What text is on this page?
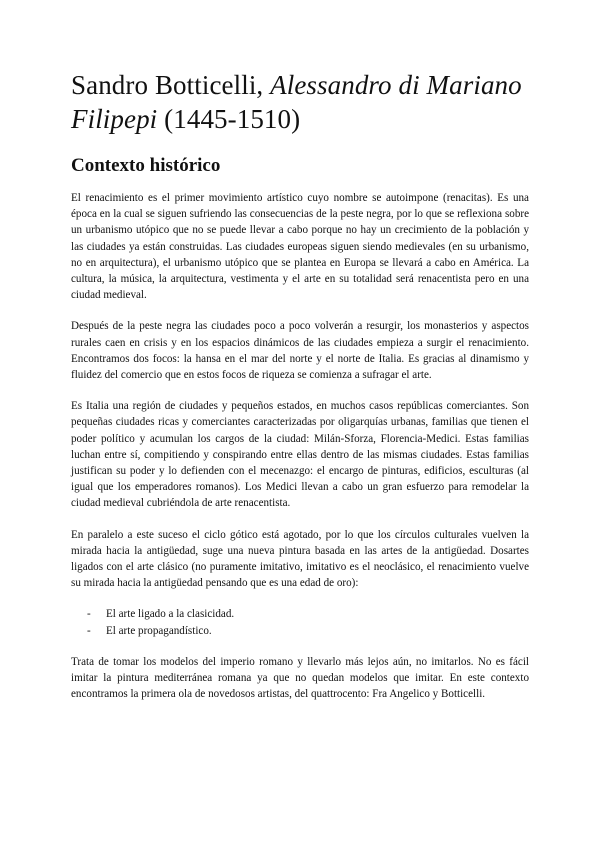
Sandro Botticelli, Alessandro di Mariano Filipepi (1445-1510)
Contexto histórico

El renacimiento es el primer movimiento artístico cuyo nombre se autoimpone (renacitas). Es una época en la cual se siguen sufriendo las consecuencias de la peste negra, por lo que se reflexiona sobre un urbanismo utópico que no se puede llevar a cabo porque no hay un crecimiento de la población y las ciudades ya están construidas. Las ciudades europeas siguen siendo medievales (en su urbanismo, no en arquitectura), el urbanismo utópico que se plantea en Europa se llevará a cabo en América. La cultura, la música, la arquitectura, vestimenta y el arte en su totalidad será renacentista pero en una ciudad medieval.

Después de la peste negra las ciudades poco a poco volverán a resurgir, los monasterios y aspectos rurales caen en crisis y en los espacios dinámicos de las ciudades empieza a surgir el renacimiento. Encontramos dos focos: la hansa en el mar del norte y el norte de Italia. Es gracias al dinamismo y fluidez del comercio que en estos focos de riqueza se comienza a sufragar el arte.

Es Italia una región de ciudades y pequeños estados, en muchos casos repúblicas comerciantes. Son pequeñas ciudades ricas y comerciantes caracterizadas por oligarquías urbanas, familias que tienen el poder político y acumulan los cargos de la ciudad: Milán-Sforza, Florencia-Medici. Estas familias luchan entre sí, compitiendo y conspirando entre ellas dentro de las mismas ciudades. Estas familias justifican su poder y lo defienden con el mecenazgo: el encargo de pinturas, edificios, esculturas (al igual que los emperadores romanos). Los Medici llevan a cabo un gran esfuerzo para remodelar la ciudad medieval cubriéndola de arte renacentista.

En paralelo a este suceso el ciclo gótico está agotado, por lo que los círculos culturales vuelven la mirada hacia la antigüedad, suge una nueva pintura basada en las artes de la antigüedad. Dosartes ligados con el arte clásico (no puramente imitativo, imitativo es el neoclásico, el renacimiento vuelve su mirada hacia la antigüedad pensando que es una edad de oro):

- El arte ligado a la clasicidad.
- El arte propagandístico.

Trata de tomar los modelos del imperio romano y llevarlo más lejos aún, no imitarlos. No es fácil imitar la pintura mediterránea romana ya que no quedan modelos que imitar. En este contexto encontramos la primera ola de novedosos artistas, del quattrocento: Fra Angelico y Botticelli.
